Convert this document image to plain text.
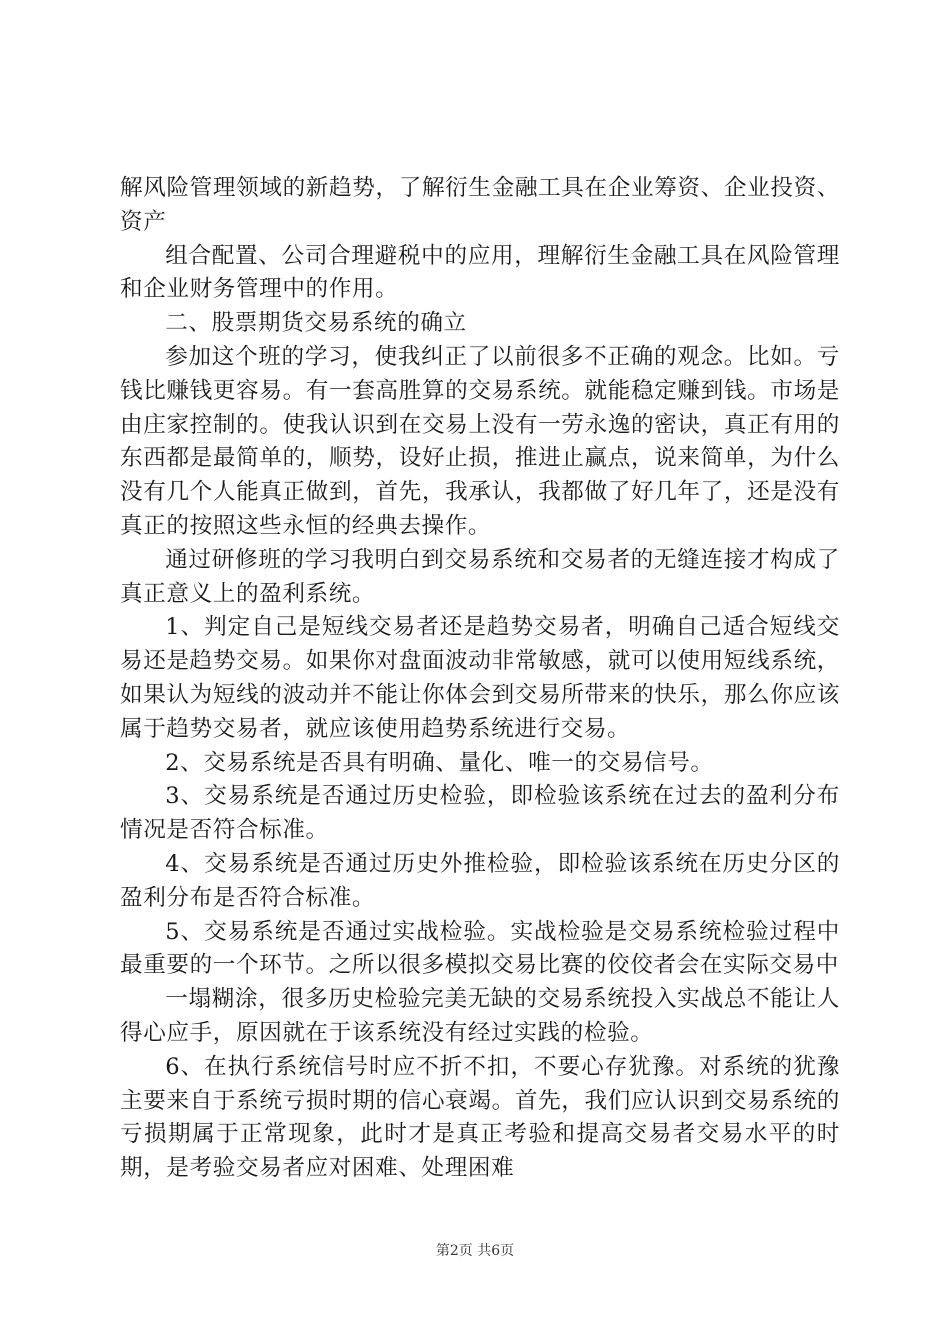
解风险管理领域的新趋势，了解衍生金融工具在企业筹资、企业投资、资产

组合配置、公司合理避税中的应用，理解衍生金融工具在风险管理和企业财务管理中的作用。

二、股票期货交易系统的确立

参加这个班的学习，使我纠正了以前很多不正确的观念。比如。亏钱比赚钱更容易。有一套高胜算的交易系统。就能稳定赚到钱。市场是由庄家控制的。使我认识到在交易上没有一劳永逸的密诀，真正有用的东西都是最简单的，顺势，设好止损，推进止赢点，说来简单，为什么没有几个人能真正做到，首先，我承认，我都做了好几年了，还是没有真正的按照这些永恒的经典去操作。

通过研修班的学习我明白到交易系统和交易者的无缝连接才构成了真正意义上的盈利系统。

1、判定自己是短线交易者还是趋势交易者，明确自己适合短线交易还是趋势交易。如果你对盘面波动非常敏感，就可以使用短线系统，如果认为短线的波动并不能让你体会到交易所带来的快乐，那么你应该属于趋势交易者，就应该使用趋势系统进行交易。

2、交易系统是否具有明确、量化、唯一的交易信号。

3、交易系统是否通过历史检验，即检验该系统在过去的盈利分布情况是否符合标准。

4、交易系统是否通过历史外推检验，即检验该系统在历史分区的盈利分布是否符合标准。

5、交易系统是否通过实战检验。实战检验是交易系统检验过程中最重要的一个环节。之所以很多模拟交易比赛的佼佼者会在实际交易中

一塌糊涂，很多历史检验完美无缺的交易系统投入实战总不能让人得心应手，原因就在于该系统没有经过实践的检验。

6、在执行系统信号时应不折不扣，不要心存犹豫。对系统的犹豫主要来自于系统亏损时期的信心衰竭。首先，我们应认识到交易系统的亏损期属于正常现象，此时才是真正考验和提高交易者交易水平的时期，是考验交易者应对困难、处理困难

第2页 共6页
